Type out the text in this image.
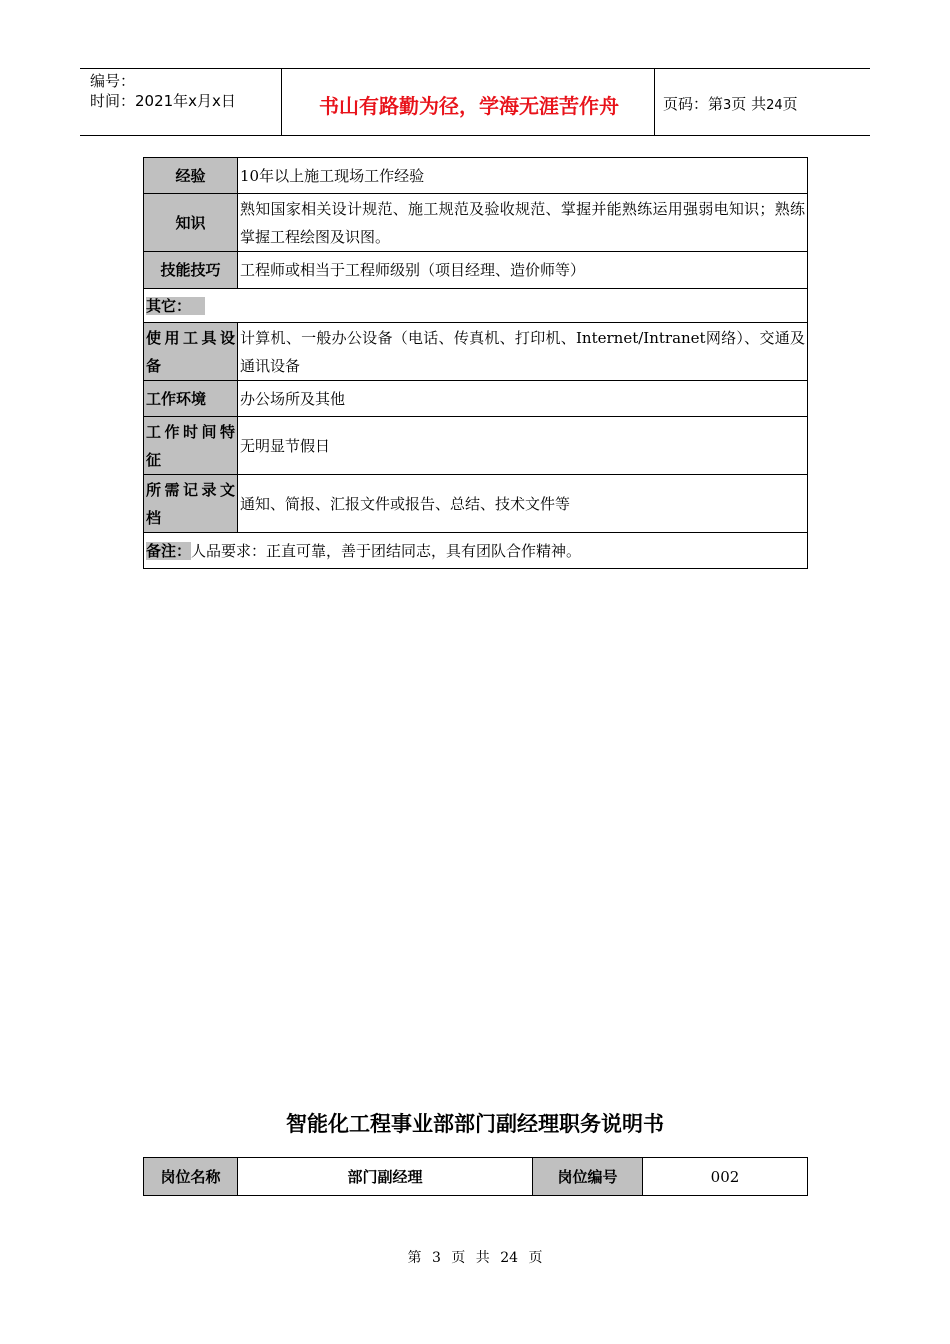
编号：
时间：2021年x月x日	书山有路勤为径，学海无涯苦作舟	页码：第3页 共24页
经验	10年以上施工现场工作经验
知识	熟知国家相关设计规范、施工规范及验收规范、掌握并能熟练运用强弱电知识；熟练掌握工程绘图及识图。
技能技巧	工程师或相当于工程师级别（项目经理、造价师等）
其它：	
使用工具设备	计算机、一般办公设备（电话、传真机、打印机、Internet/Intranet网络）、交通及通讯设备
工作环境	办公场所及其他
工作时间特征	无明显节假日
所需记录文档	通知、简报、汇报文件或报告、总结、技术文件等
备注：人品要求：正直可靠，善于团结同志，具有团队合作精神。	
智能化工程事业部部门副经理职务说明书
岗位名称	部门副经理	岗位编号	002
第 3 页 共 24 页
